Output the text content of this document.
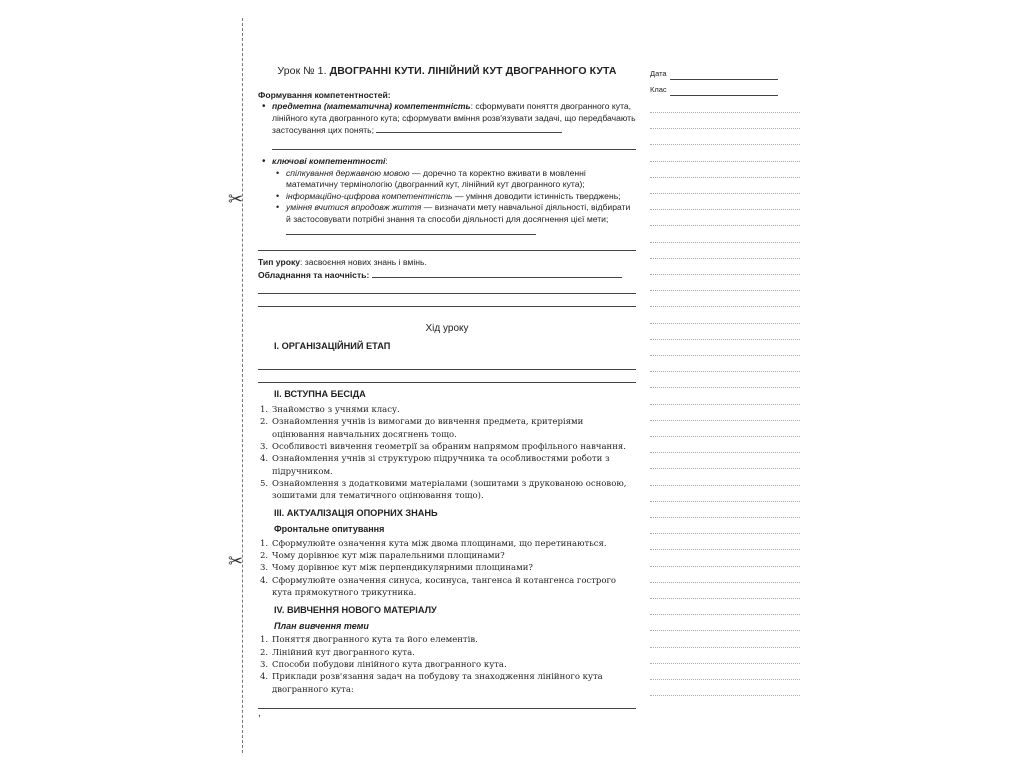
✂
✂
Урок № 1. ДВОГРАННІ КУТИ. ЛІНІЙНИЙ КУТ ДВОГРАННОГО КУТА
Формування компетентностей:
• предметна (математична) компетентність: сформувати поняття двогранного кута, лінійного кута двогранного кута; сформувати вміння розв'язувати задачі, що передбачають застосування цих понять;
• ключові компетентності:
• спілкування державною мовою — доречно та коректно вживати в мовленні математичну термінологію (двогранний кут, лінійний кут двогранного кута);
• інформаційно-цифрова компетентність — уміння доводити істинність тверджень;
• уміння вчитися впродовж життя — визначати мету навчальної діяльності, відбирати й застосовувати потрібні знання та способи діяльності для досягнення цієї мети;
Тип уроку: засвоєння нових знань і вмінь.
Обладнання та наочність:
Хід уроку
І. ОРГАНІЗАЦІЙНИЙ ЕТАП
ІІ. ВСТУПНА БЕСІДА
1. Знайомство з учнями класу.
2. Ознайомлення учнів із вимогами до вивчення предмета, критеріями оцінювання навчальних досягнень тощо.
3. Особливості вивчення геометрії за обраним напрямом профільного навчання.
4. Ознайомлення учнів зі структурою підручника та особливостями роботи з підручником.
5. Ознайомлення з додатковими матеріалами (зошитами з друкованою основою, зошитами для тематичного оцінювання тощо).
ІІІ. АКТУАЛІЗАЦІЯ ОПОРНИХ ЗНАНЬ
Фронтальне опитування
1. Сформулюйте означення кута між двома площинами, що перетинаються.
2. Чому дорівнює кут між паралельними площинами?
3. Чому дорівнює кут між перпендикулярними площинами?
4. Сформулюйте означення синуса, косинуса, тангенса й котангенса гострого кута прямокутного трикутника.
IV. ВИВЧЕННЯ НОВОГО МАТЕРІАЛУ
План вивчення теми
1. Поняття двогранного кута та його елементів.
2. Лінійний кут двогранного кута.
3. Способи побудови лінійного кута двогранного кута.
4. Приклади розв'язання задач на побудову та знаходження лінійного кута двогранного кута:
,
Дата
Клас
